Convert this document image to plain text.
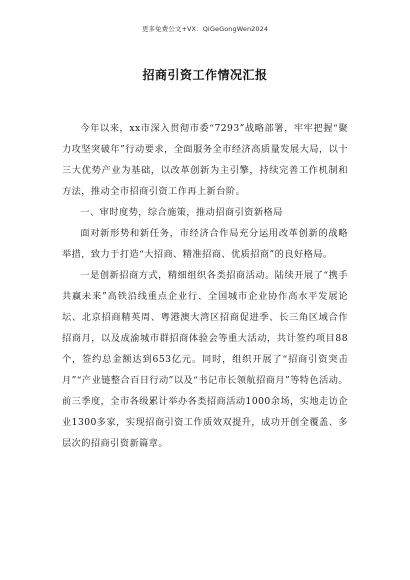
更多免费公文+VX：QiGeGongWen2024
招商引资工作情况汇报

今年以来，xx市深入贯彻市委“7293”战略部署，牢牢把握“聚力攻坚突破年”行动要求，全面服务全市经济高质量发展大局，以十三大优势产业为基础，以改革创新为主引擎，持续完善工作机制和方法，推动全市招商引资工作再上新台阶。

一、审时度势，综合施策，推动招商引资新格局

面对新形势和新任务，市经济合作局充分运用改革创新的战略举措，致力于打造“大招商、精准招商、优质招商”的良好格局。

一是创新招商方式，精细组织各类招商活动。陆续开展了“携手共赢未来”高铁沿线重点企业行、全国城市企业协作高水平发展论坛、北京招商精英周、粤港澳大湾区招商促进季、长三角区域合作招商月，以及成渝城市群招商体验会等重大活动，共计签约项目88个，签约总金额达到653亿元。同时，组织开展了“招商引资突击月”“产业链整合百日行动”以及“书记市长领航招商月”等特色活动。前三季度，全市各级累计举办各类招商活动1000余场，实地走访企业1300多家，实现招商引资工作质效双提升，成功开创全覆盖、多层次的招商引资新篇章。
